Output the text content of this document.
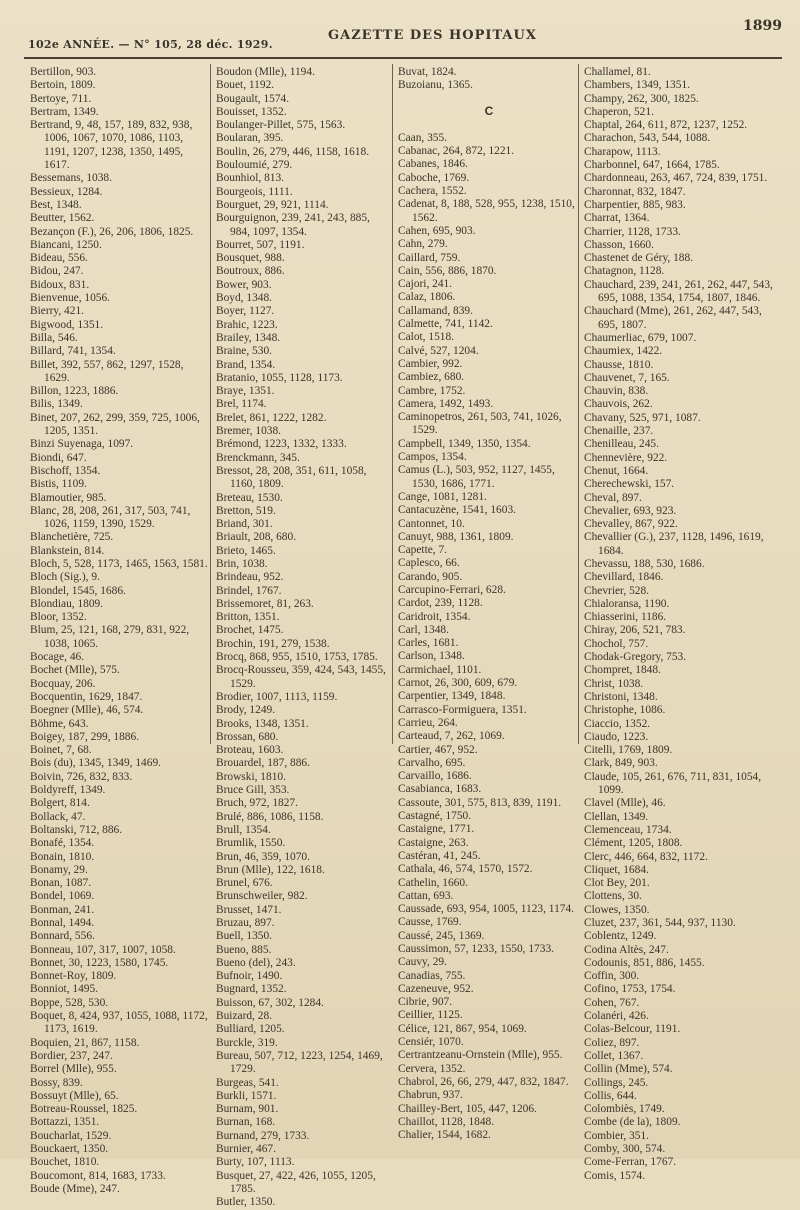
102e ANNÉE. — N° 105, 28 déc. 1929.
GAZETTE DES HOPITAUX
1899
Bertillon, 903.
Bertoin, 1809.
Bertoye, 711.
Bertram, 1349.
Bertrand, 9, 48, 157, 189, 832, 938, 1006, 1067, 1070, 1086, 1103, 1191, 1207, 1238, 1350, 1495, 1617.
Bessemans, 1038.
Bessieux, 1284.
Best, 1348.
Beutter, 1562.
Bezançon (F.), 26, 206, 1806, 1825.
Biancani, 1250.
Bideau, 556.
Bidou, 247.
Bidoux, 831.
Bienvenue, 1056.
Bierry, 421.
Bigwood, 1351.
Billa, 546.
Billard, 741, 1354.
Billet, 392, 557, 862, 1297, 1528, 1629.
Billon, 1223, 1886.
Bilis, 1349.
Binet, 207, 262, 299, 359, 725, 1006, 1205, 1351.
Binzi Suyenaga, 1097.
Biondi, 647.
Bischoff, 1354.
Bistis, 1109.
Blamoutier, 985.
Blanc, 28, 208, 261, 317, 503, 741, 1026, 1159, 1390, 1529.
Blanchetière, 725.
Blankstein, 814.
Bloch, 5, 528, 1173, 1465, 1563, 1581.
Bloch (Sig.), 9.
Blondel, 1545, 1686.
Blondiau, 1809.
Bloor, 1352.
Blum, 25, 121, 168, 279, 831, 922, 1038, 1065.
Bocage, 46.
Bochet (Mlle), 575.
Bocquay, 206.
Bocquentin, 1629, 1847.
Boegner (Mlle), 46, 574.
Böhme, 643.
Boigey, 187, 299, 1886.
Boinet, 7, 68.
Bois (du), 1345, 1349, 1469.
Boivin, 726, 832, 833.
Boldyreff, 1349.
Bolgert, 814.
Bollack, 47.
Boltanski, 712, 886.
Bonafé, 1354.
Bonain, 1810.
Bonamy, 29.
Bonan, 1087.
Bondel, 1069.
Bonman, 241.
Bonnal, 1494.
Bonnard, 556.
Bonneau, 107, 317, 1007, 1058.
Bonnet, 30, 1223, 1580, 1745.
Bonnet-Roy, 1809.
Bonniot, 1495.
Boppe, 528, 530.
Boquet, 8, 424, 937, 1055, 1088, 1172, 1173, 1619.
Boquien, 21, 867, 1158.
Bordier, 237, 247.
Borrel (Mlle), 955.
Bossy, 839.
Bossuyt (Mlle), 65.
Botreau-Roussel, 1825.
Bottazzi, 1351.
Boucharlat, 1529.
Bouckaert, 1350.
Bouchet, 1810.
Boucomont, 814, 1683, 1733.
Boude (Mme), 247.
Boudon (Mlle), 1194.
Bouet, 1192.
Bougault, 1574.
Bouisset, 1352.
Boulanger-Pillet, 575, 1563.
Boularan, 395.
Boulin, 26, 279, 446, 1158, 1618.
Bouloumié, 279.
Bounhiol, 813.
Bourgeois, 1111.
Bourguet, 29, 921, 1114.
Bourguignon, 239, 241, 243, 885, 984, 1097, 1354.
Bourret, 507, 1191.
Bousquet, 988.
Boutroux, 886.
Bower, 903.
Boyd, 1348.
Boyer, 1127.
Brahic, 1223.
Brailey, 1348.
Braine, 530.
Brand, 1354.
Bratanio, 1055, 1128, 1173.
Braye, 1351.
Brel, 1174.
Brelet, 861, 1222, 1282.
Bremer, 1038.
Brémond, 1223, 1332, 1333.
Brenckmann, 345.
Bressot, 28, 208, 351, 611, 1058, 1160, 1809.
Breteau, 1530.
Bretton, 519.
Briand, 301.
Briault, 208, 680.
Brieto, 1465.
Brin, 1038.
Brindeau, 952.
Brindel, 1767.
Brissemoret, 81, 263.
Britton, 1351.
Brochet, 1475.
Brochin, 191, 279, 1538.
Brocq, 868, 955, 1510, 1753, 1785.
Brocq-Rousseu, 359, 424, 543, 1455, 1529.
Brodier, 1007, 1113, 1159.
Brody, 1249.
Brooks, 1348, 1351.
Brossan, 680.
Broteau, 1603.
Brouardel, 187, 886.
Browski, 1810.
Bruce Gill, 353.
Bruch, 972, 1827.
Brulé, 886, 1086, 1158.
Brull, 1354.
Brumlik, 1550.
Brun, 46, 359, 1070.
Brun (Mlle), 122, 1618.
Brunel, 676.
Brunschweiler, 982.
Brusset, 1471.
Bruzau, 897.
Buell, 1350.
Bueno, 885.
Bueno (del), 243.
Bufnoir, 1490.
Bugnard, 1352.
Buisson, 67, 302, 1284.
Buizard, 28.
Bulliard, 1205.
Burckle, 319.
Bureau, 507, 712, 1223, 1254, 1469, 1729.
Burgeas, 541.
Burkli, 1571.
Burnam, 901.
Burnan, 168.
Burnand, 279, 1733.
Burnier, 467.
Burty, 107, 1113.
Busquet, 27, 422, 426, 1055, 1205, 1785.
Butler, 1350.
Buvat, 1824.
Buzoianu, 1365.
C
Caan, 355.
Cabanac, 264, 872, 1221.
Cabanes, 1846.
Caboche, 1769.
Cachera, 1552.
Cadenat, 8, 188, 528, 955, 1238, 1510, 1562.
Cahen, 695, 903.
Cahn, 279.
Caillard, 759.
Cain, 556, 886, 1870.
Cajori, 241.
Calaz, 1806.
Callamand, 839.
Calmette, 741, 1142.
Calot, 1518.
Calvé, 527, 1204.
Cambier, 992.
Cambiez, 680.
Cambre, 1752.
Camera, 1492, 1493.
Caminopetros, 261, 503, 741, 1026, 1529.
Campbell, 1349, 1350, 1354.
Campos, 1354.
Camus (L.), 503, 952, 1127, 1455, 1530, 1686, 1771.
Cange, 1081, 1281.
Cantacuzène, 1541, 1603.
Cantonnet, 10.
Canuyt, 988, 1361, 1809.
Capette, 7.
Caplesco, 66.
Carando, 905.
Carcupino-Ferrari, 628.
Cardot, 239, 1128.
Caridroit, 1354.
Carl, 1348.
Carles, 1681.
Carlson, 1348.
Carmichael, 1101.
Carnot, 26, 300, 609, 679.
Carpentier, 1349, 1848.
Carrasco-Formiguera, 1351.
Carrieu, 264.
Carteaud, 7, 262, 1069.
Cartier, 467, 952.
Carvalho, 695.
Carvaillo, 1686.
Casabianca, 1683.
Cassoute, 301, 575, 813, 839, 1191.
Castagné, 1750.
Castaigne, 1771.
Castaigne, 263.
Castéran, 41, 245.
Cathala, 46, 574, 1570, 1572.
Cathelin, 1660.
Cattan, 693.
Caussade, 693, 954, 1005, 1123, 1174.
Causse, 1769.
Caussé, 245, 1369.
Caussimon, 57, 1233, 1550, 1733.
Cauvy, 29.
Canadias, 755.
Cazeneuve, 952.
Cibrie, 907.
Ceillier, 1125.
Célice, 121, 867, 954, 1069.
Censiér, 1070.
Certrantzeanu-Ornstein (Mlle), 955.
Cervera, 1352.
Chabrol, 26, 66, 279, 447, 832, 1847.
Chabrun, 937.
Chailley-Bert, 105, 447, 1206.
Chaillot, 1128, 1848.
Chalier, 1544, 1682.
Challamel, 81.
Chambers, 1349, 1351.
Champy, 262, 300, 1825.
Chaperon, 521.
Chaptal, 264, 611, 872, 1237, 1252.
Charachon, 543, 544, 1088.
Charapow, 1113.
Charbonnel, 647, 1664, 1785.
Chardonneau, 263, 467, 724, 839, 1751.
Charonnat, 832, 1847.
Charpentier, 885, 983.
Charrat, 1364.
Charrier, 1128, 1733.
Chasson, 1660.
Chastenet de Géry, 188.
Chatagnon, 1128.
Chauchard, 239, 241, 261, 262, 447, 543, 695, 1088, 1354, 1754, 1807, 1846.
Chauchard (Mme), 261, 262, 447, 543, 695, 1807.
Chaumerliac, 679, 1007.
Chaumiex, 1422.
Chausse, 1810.
Chauvenet, 7, 165.
Chauvin, 838.
Chauvois, 262.
Chavany, 525, 971, 1087.
Chenaille, 237.
Chenilleau, 245.
Chennevière, 922.
Chenut, 1664.
Cherechewski, 157.
Cheval, 897.
Chevalier, 693, 923.
Chevalley, 867, 922.
Chevallier (G.), 237, 1128, 1496, 1619, 1684.
Chevassu, 188, 530, 1686.
Chevillard, 1846.
Chevrier, 528.
Chialoransa, 1190.
Chiasserini, 1186.
Chiray, 206, 521, 783.
Chochol, 757.
Chodak-Gregory, 753.
Chompret, 1848.
Christ, 1038.
Christoni, 1348.
Christophe, 1086.
Ciaccio, 1352.
Ciaudo, 1223.
Citelli, 1769, 1809.
Clark, 849, 903.
Claude, 105, 261, 676, 711, 831, 1054, 1099.
Clavel (Mlle), 46.
Clellan, 1349.
Clemenceau, 1734.
Clément, 1205, 1808.
Clerc, 446, 664, 832, 1172.
Cliquet, 1684.
Clot Bey, 201.
Clottens, 30.
Clowes, 1350.
Cluzet, 237, 361, 544, 937, 1130.
Coblentz, 1249.
Codina Altès, 247.
Codounis, 851, 886, 1455.
Coffin, 300.
Cofino, 1753, 1754.
Cohen, 767.
Colanéri, 426.
Colas-Belcour, 1191.
Coliez, 897.
Collet, 1367.
Collin (Mme), 574.
Collings, 245.
Collis, 644.
Colombiès, 1749.
Combe (de la), 1809.
Combier, 351.
Comby, 300, 574.
Come-Ferran, 1767.
Comis, 1574.
